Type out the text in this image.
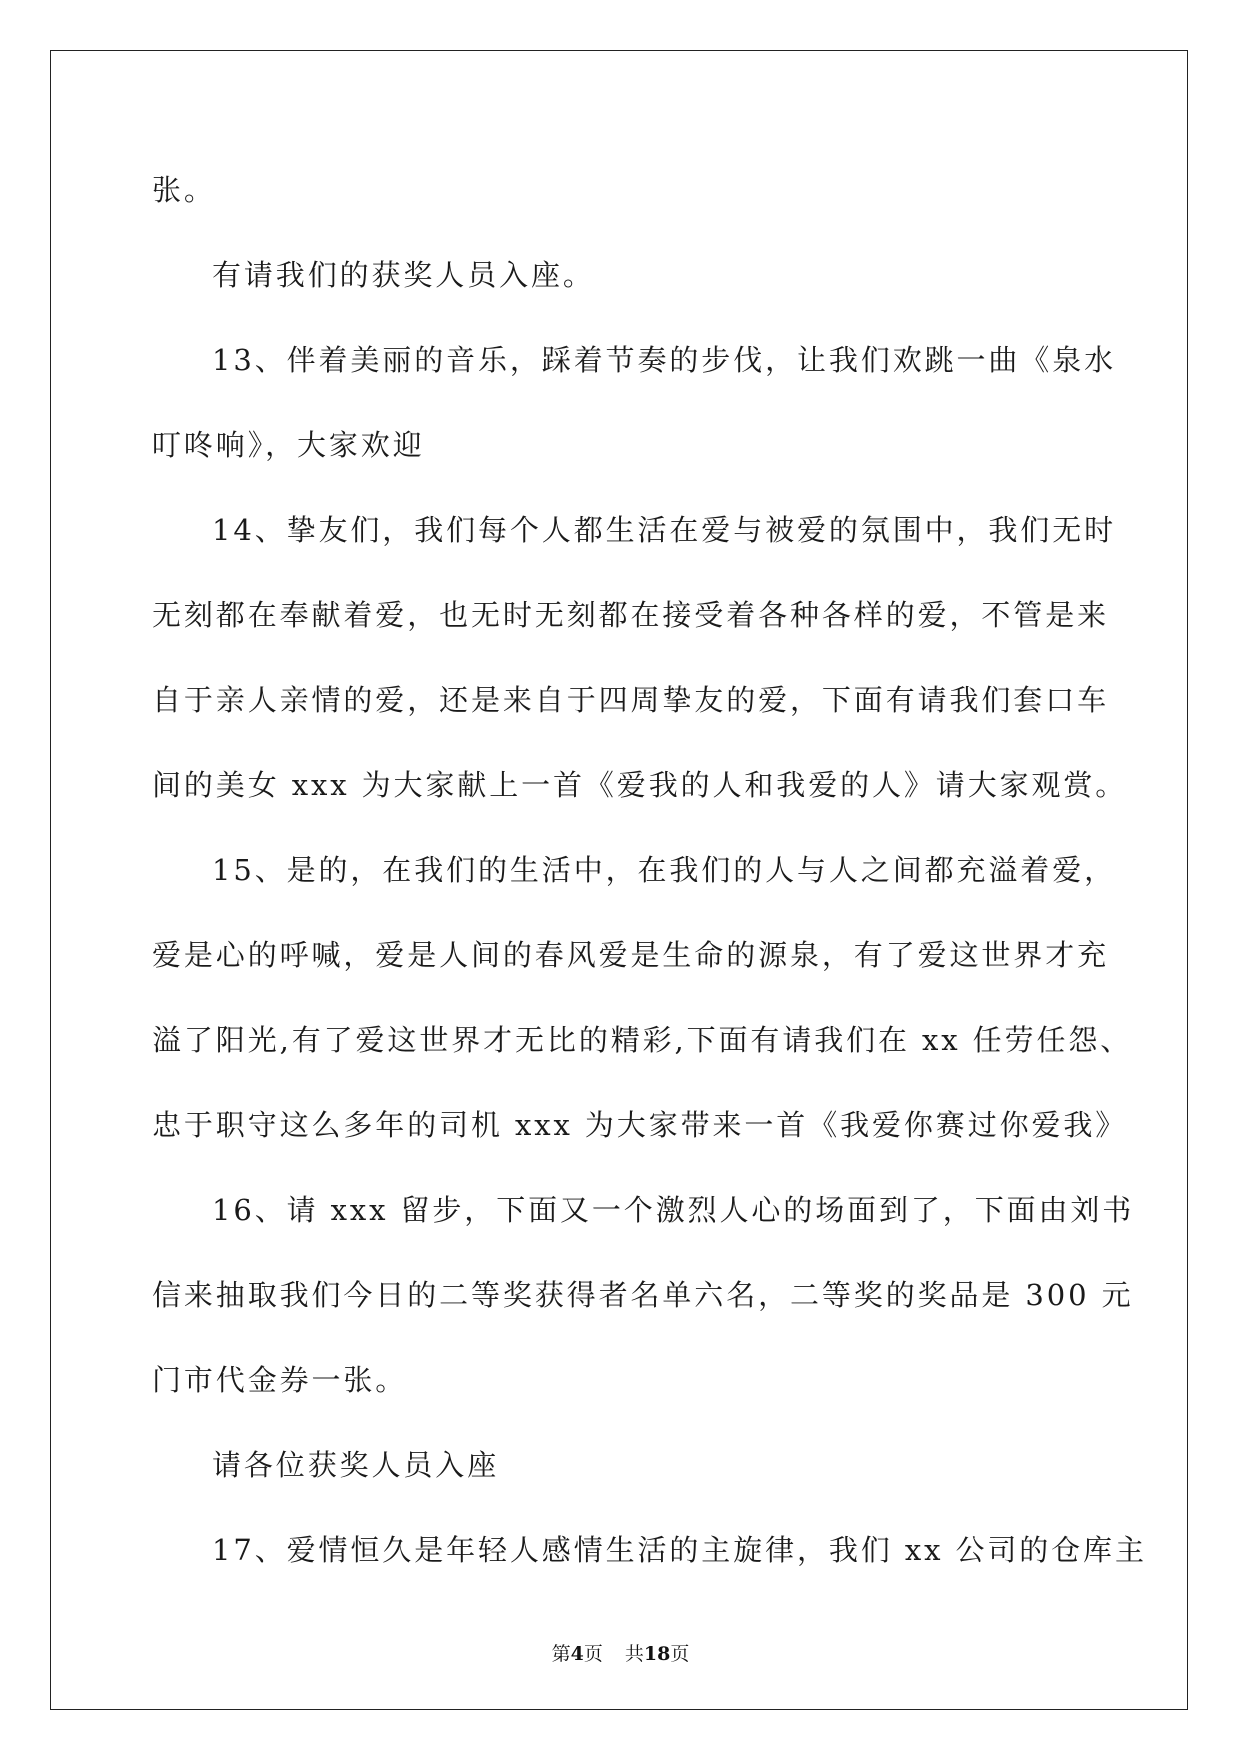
张。
有请我们的获奖人员入座。
13、伴着美丽的音乐，踩着节奏的步伐，让我们欢跳一曲《泉水
叮咚响》，大家欢迎
14、挚友们，我们每个人都生活在爱与被爱的氛围中，我们无时
无刻都在奉献着爱，也无时无刻都在接受着各种各样的爱，不管是来
自于亲人亲情的爱，还是来自于四周挚友的爱，下面有请我们套口车
间的美女 xxx 为大家献上一首《爱我的人和我爱的人》请大家观赏。
15、是的，在我们的生活中，在我们的人与人之间都充溢着爱，
爱是心的呼喊，爱是人间的春风爱是生命的源泉，有了爱这世界才充
溢了阳光,有了爱这世界才无比的精彩,下面有请我们在 xx 任劳任怨、
忠于职守这么多年的司机 xxx 为大家带来一首《我爱你赛过你爱我》
16、请 xxx 留步，下面又一个激烈人心的场面到了，下面由刘书
信来抽取我们今日的二等奖获得者名单六名，二等奖的奖品是 300 元
门市代金券一张。
请各位获奖人员入座
17、爱情恒久是年轻人感情生活的主旋律，我们 xx 公司的仓库主
第4页 共18页
